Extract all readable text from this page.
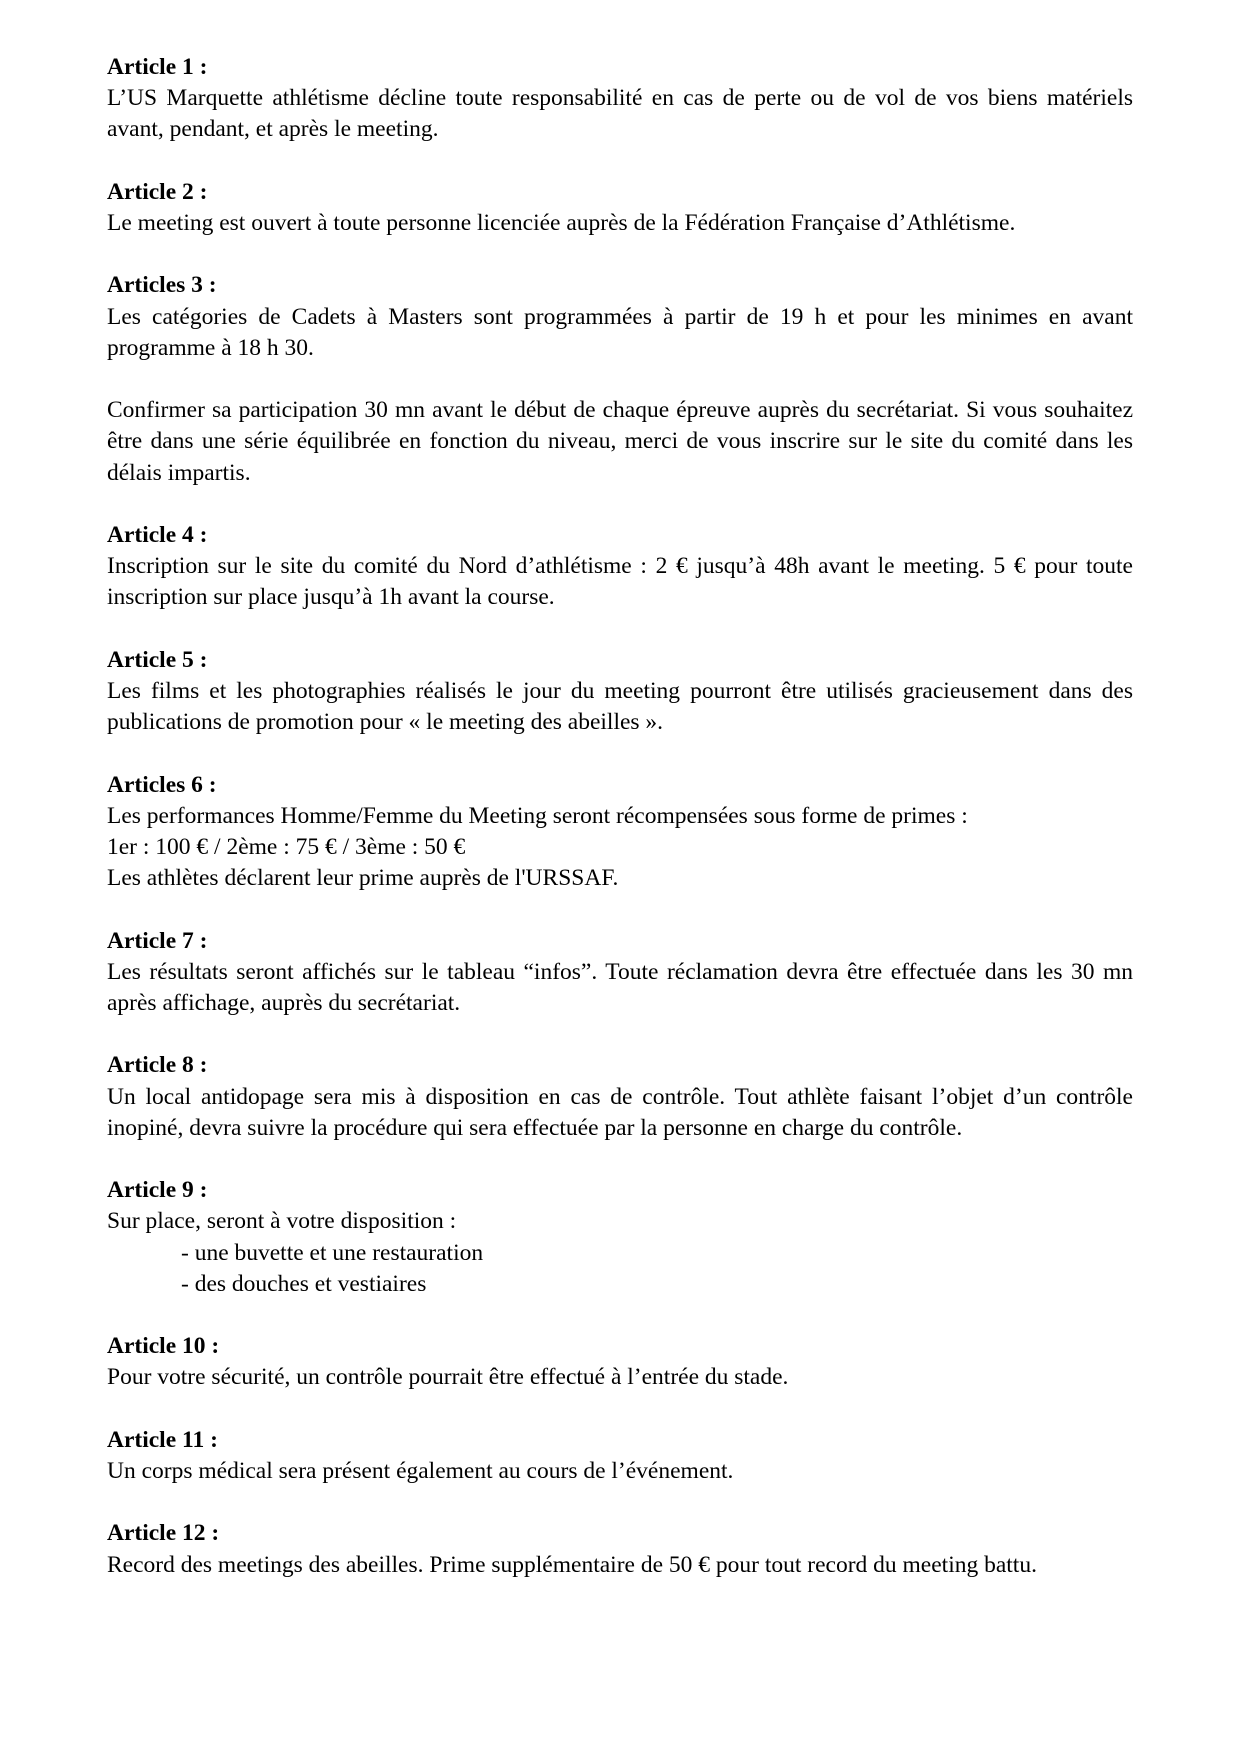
Article 1 :
L’US Marquette athlétisme décline toute responsabilité en cas de perte ou de vol de vos biens matériels avant, pendant, et après le meeting.
Article 2 :
Le meeting est ouvert à toute personne licenciée auprès de la Fédération Française d’Athlétisme.
Articles 3 :
Les catégories de Cadets à Masters sont programmées à partir de 19 h et pour les minimes en avant programme à 18 h 30.
Confirmer sa participation 30 mn avant le début de chaque épreuve auprès du secrétariat. Si vous souhaitez être dans une série équilibrée en fonction du niveau, merci de vous inscrire sur le site du comité dans les délais impartis.
Article 4 :
Inscription sur le site du comité du Nord d’athlétisme : 2 € jusqu’à 48h avant le meeting. 5 € pour toute inscription sur place jusqu’à 1h avant la course.
Article 5 :
Les films et les photographies réalisés le jour du meeting pourront être utilisés gracieusement dans des publications de promotion pour « le meeting des abeilles ».
Articles 6 :
Les performances Homme/Femme du Meeting seront récompensées sous forme de primes :
1er : 100 € / 2ème : 75 € / 3ème : 50 €
Les athlètes déclarent leur prime auprès de l'URSSAF.
Article 7 :
Les résultats seront affichés sur le tableau “infos”. Toute réclamation devra être effectuée dans les 30 mn après affichage, auprès du secrétariat.
Article 8 :
Un local antidopage sera mis à disposition en cas de contrôle. Tout athlète faisant l’objet d’un contrôle inopiné, devra suivre la procédure qui sera effectuée par la personne en charge du contrôle.
Article 9 :
Sur place, seront à votre disposition :
- une buvette et une restauration
- des douches et vestiaires
Article 10 :
Pour votre sécurité, un contrôle pourrait être effectué à l’entrée du stade.
Article 11 :
Un corps médical sera présent également au cours de l’événement.
Article 12 :
Record des meetings des abeilles. Prime supplémentaire de 50 € pour tout record du meeting battu.
